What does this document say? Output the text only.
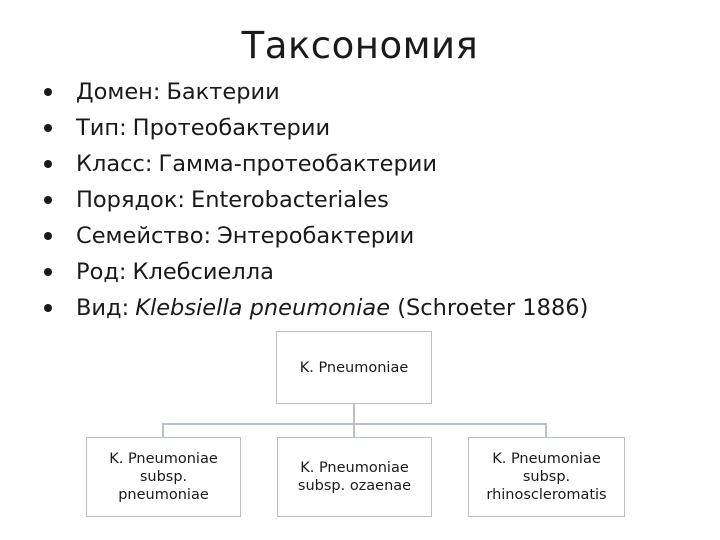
Таксономия
Домен: Бактерии
Тип: Протеобактерии
Класс: Гамма-протеобактерии
Порядок: Enterobacteriales
Семейство: Энтеробактерии
Род: Клебсиелла
Вид: Klebsiella pneumoniae (Schroeter 1886)
K. Pneumoniae
K. Pneumoniae
subsp.
pneumoniae
K. Pneumoniae
subsp. ozaenae
K. Pneumoniae
subsp.
rhinoscleromatis
